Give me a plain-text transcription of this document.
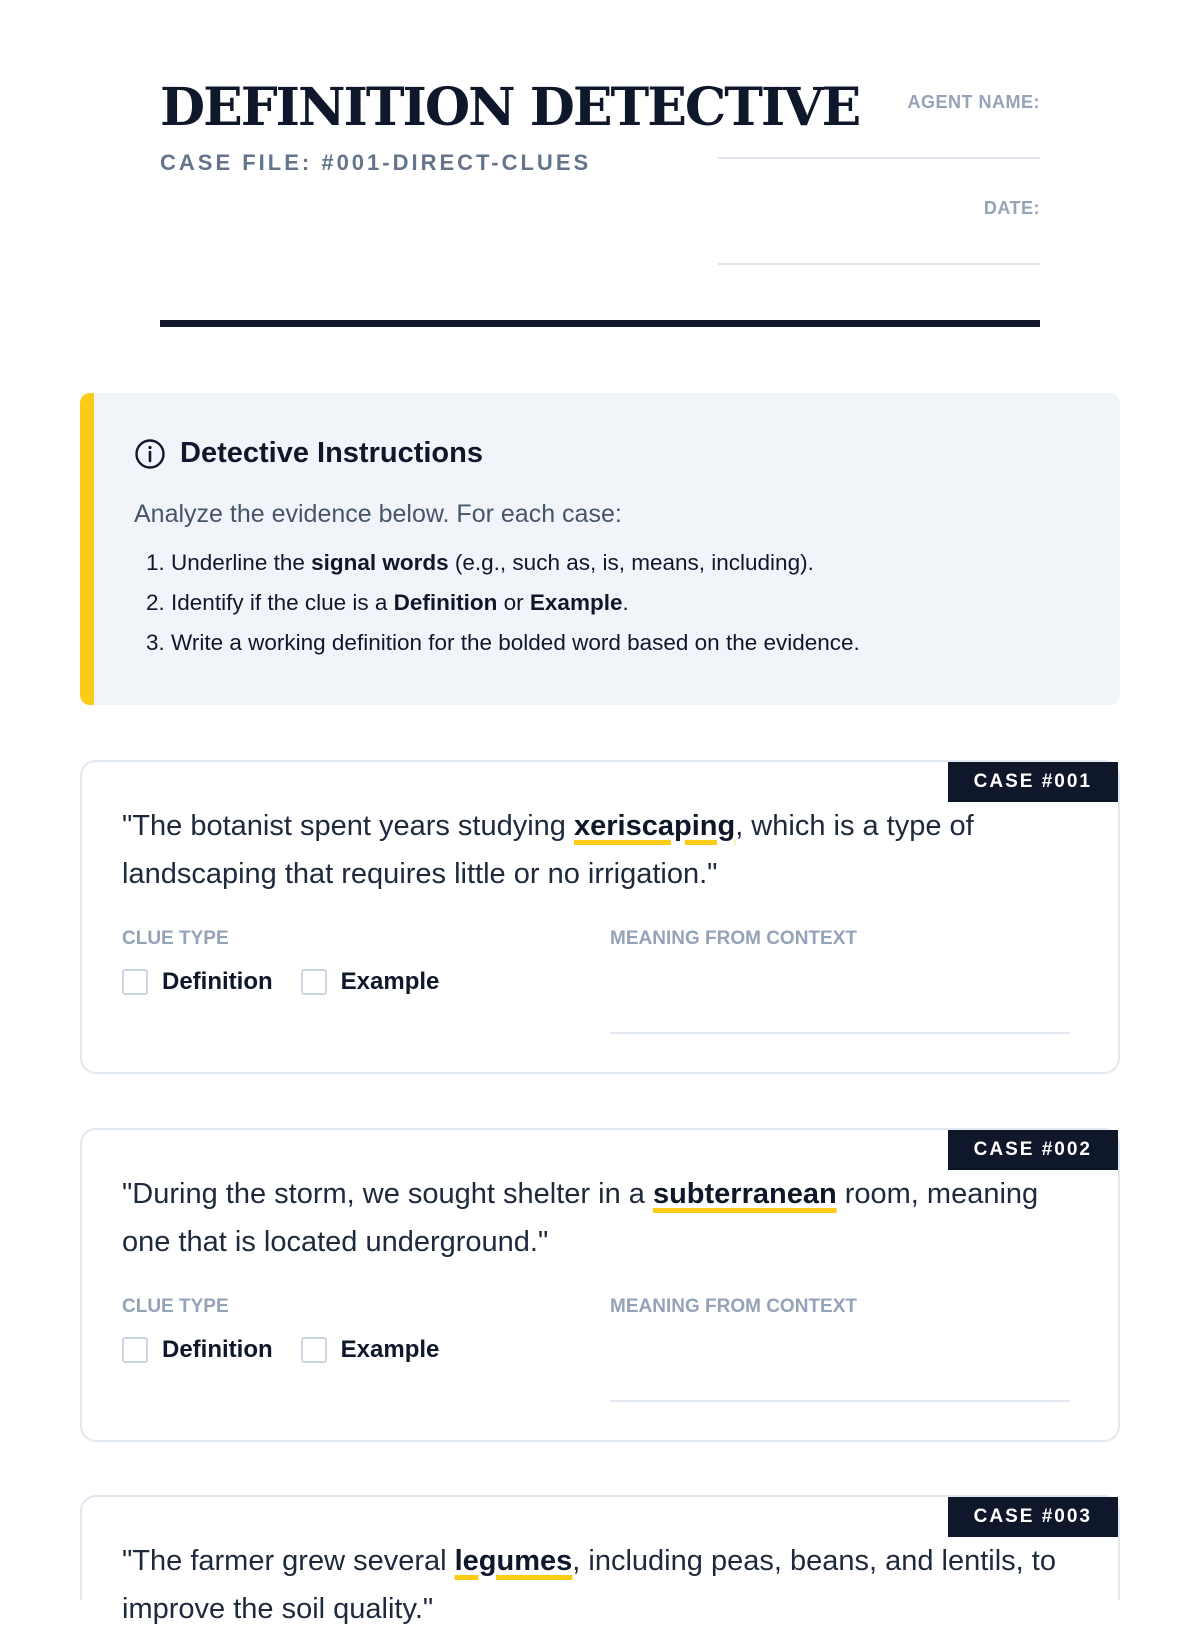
DEFINITION DETECTIVE
CASE FILE: #001-DIRECT-CLUES
AGENT NAME:
DATE:
Detective Instructions
Analyze the evidence below. For each case:
1. Underline the signal words (e.g., such as, is, means, including).
2. Identify if the clue is a Definition or Example.
3. Write a working definition for the bolded word based on the evidence.
CASE #001
"The botanist spent years studying xeriscaping, which is a type of landscaping that requires little or no irrigation."
CLUE TYPE	MEANING FROM CONTEXT
Definition	Example
CASE #002
"During the storm, we sought shelter in a subterranean room, meaning one that is located underground."
CLUE TYPE	MEANING FROM CONTEXT
Definition	Example
CASE #003
"The farmer grew several legumes, including peas, beans, and lentils, to improve the soil quality."
